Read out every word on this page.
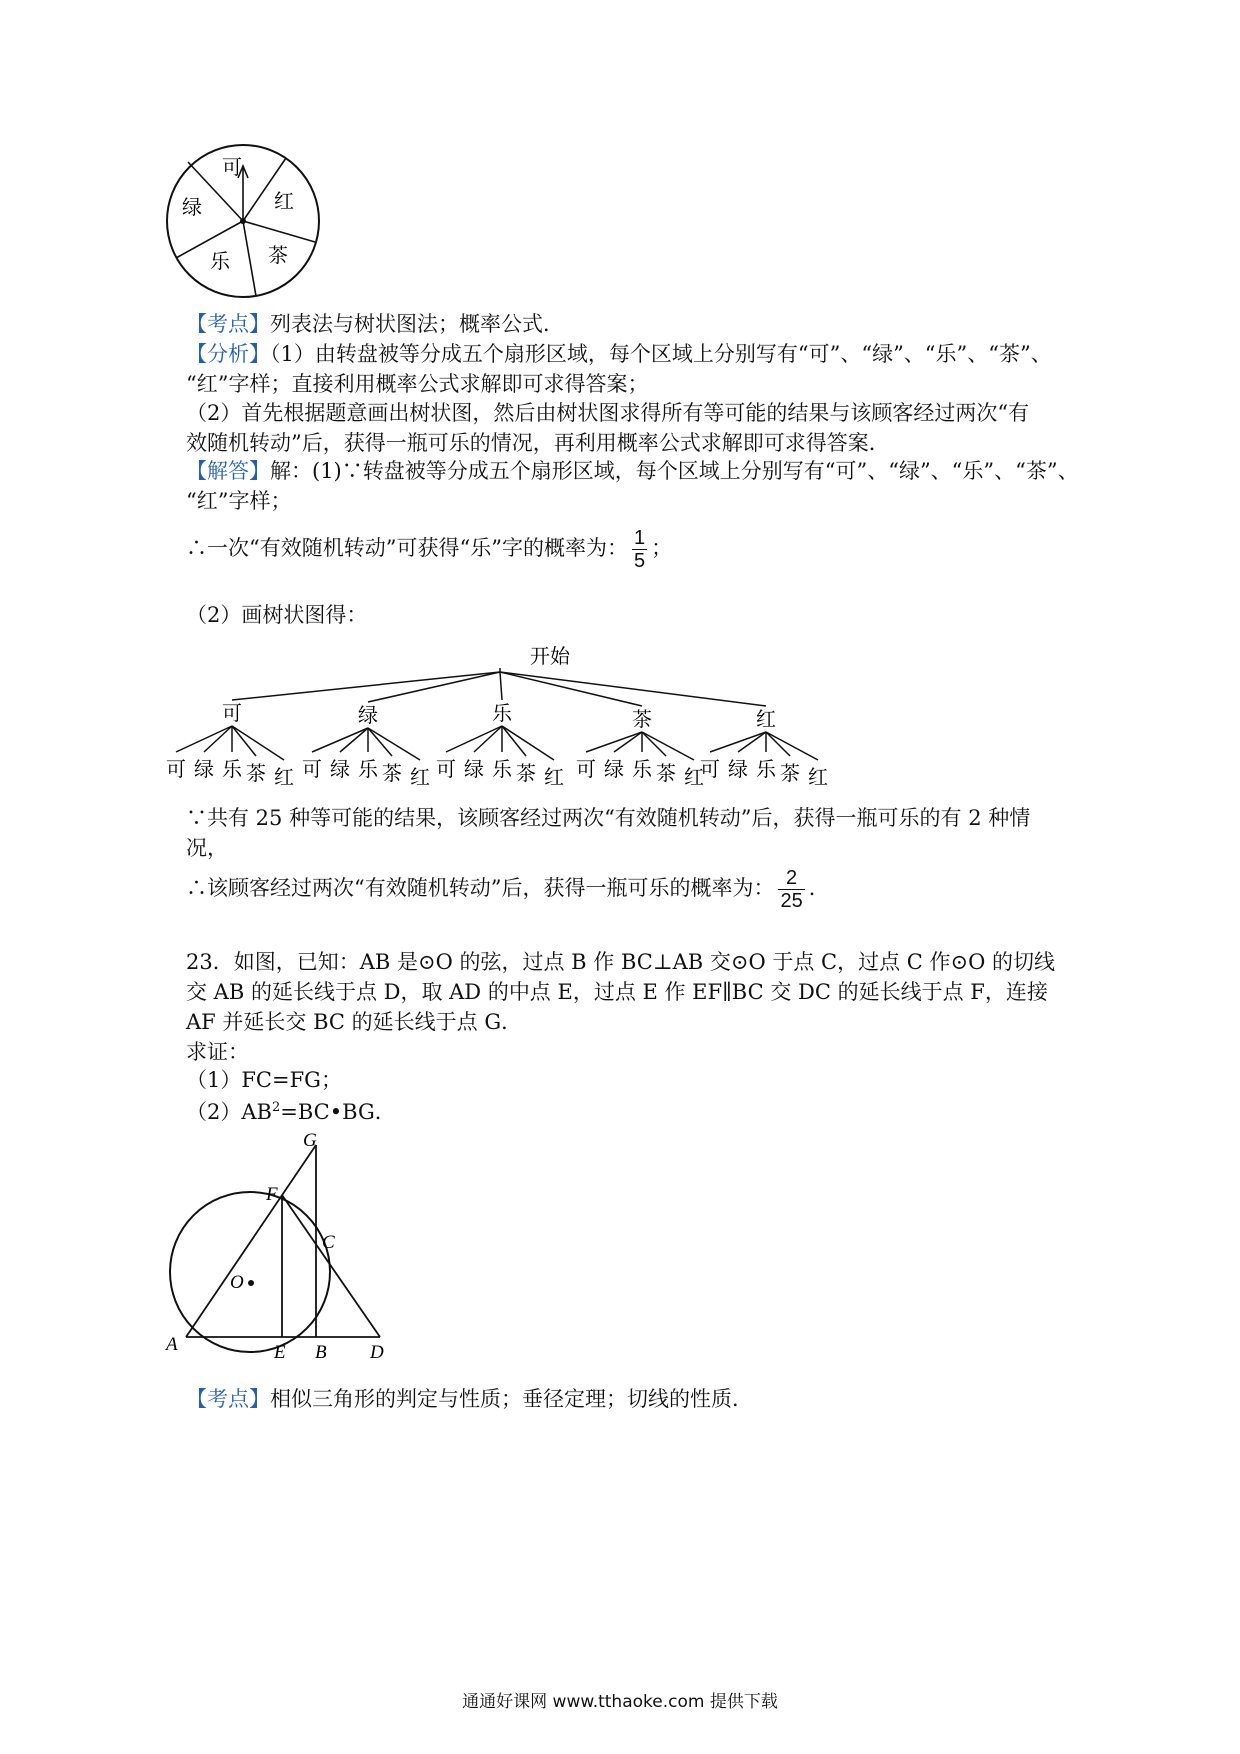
可
红
茶
乐
绿
【考点】列表法与树状图法；概率公式．
【分析】（1）由转盘被等分成五个扇形区域，每个区域上分别写有“可”、“绿”、“乐”、“茶”、
“红”字样；直接利用概率公式求解即可求得答案；
（2）首先根据题意画出树状图，然后由树状图求得所有等可能的结果与该顾客经过两次“有
效随机转动”后，获得一瓶可乐的情况，再利用概率公式求解即可求得答案．
【解答】解：(1)∵转盘被等分成五个扇形区域，每个区域上分别写有“可”、“绿”、“乐”、“茶”、
“红”字样；
∴一次“有效随机转动”可获得“乐”字的概率为： $\frac{1}{5}$ ；
（2）画树状图得：
开始
可	绿	乐	茶	红
可 绿 乐 茶 红 可 绿 乐 茶 红 可 绿 乐 茶 红 可 绿 乐 茶 红
可 绿 乐 茶 红
∵共有 25 种等可能的结果，该顾客经过两次“有效随机转动”后，获得一瓶可乐的有 2 种情
况，
∴该顾客经过两次“有效随机转动”后，获得一瓶可乐的概率为： $\frac{2}{25}$ ．
23．如图，已知：AB 是⊙O 的弦，过点 B 作 BC⊥AB 交⊙O 于点 C，过点 C 作⊙O 的切线
交 AB 的延长线于点 D，取 AD 的中点 E，过点 E 作 EF∥BC 交 DC 的延长线于点 F，连接
AF 并延长交 BC 的延长线于点 G．
求证：
（1）FC=FG；
$(2)AB^2=BC•BG$．
G
F
C
O
A	E B D
【考点】相似三角形的判定与性质；垂径定理；切线的性质．
通通好课网 www.tthaoke.com 提供下载
